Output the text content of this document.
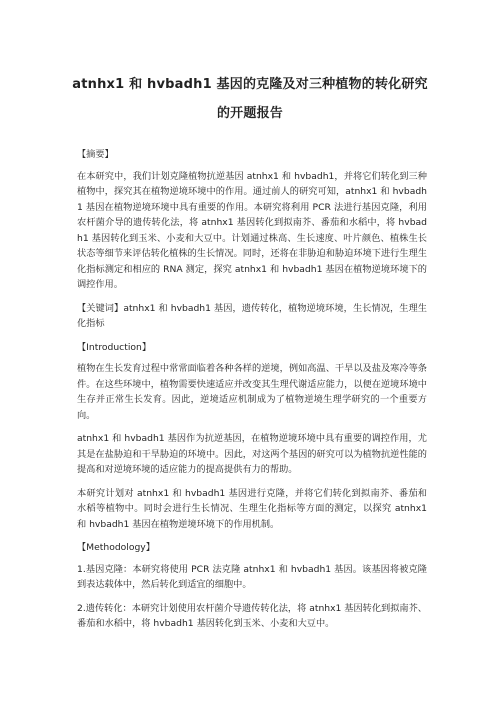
atnhx1 和 hvbadh1 基因的克隆及对三种植物的转化研究
的开题报告

【摘要】

在本研究中，我们计划克隆植物抗逆基因 atnhx1 和 hvbadh1，并将它们转化到三种植物中，探究其在植物逆境环境中的作用。通过前人的研究可知，atnhx1 和 hvbadh1 基因在植物逆境环境中具有重要的作用。本研究将利用 PCR 法进行基因克隆，利用农杆菌介导的遗传转化法，将 atnhx1 基因转化到拟南芥、番茄和水稻中，将 hvbadh1 基因转化到玉米、小麦和大豆中。计划通过株高、生长速度、叶片颜色、植株生长状态等细节来评估转化植株的生长情况。同时，还将在非胁迫和胁迫环境下进行生理生化指标测定和相应的 RNA 测定，探究 atnhx1 和 hvbadh1 基因在植物逆境环境下的调控作用。

【关键词】atnhx1 和 hvbadh1 基因，遗传转化，植物逆境环境，生长情况，生理生化指标

【Introduction】

植物在生长发育过程中常常面临着各种各样的逆境，例如高温、干旱以及盐及寒冷等条件。在这些环境中，植物需要快速适应并改变其生理代谢适应能力，以便在逆境环境中生存并正常生长发育。因此，逆境适应机制成为了植物逆境生理学研究的一个重要方向。

atnhx1 和 hvbadh1 基因作为抗逆基因，在植物逆境环境中具有重要的调控作用，尤其是在盐胁迫和干旱胁迫的环境中。因此，对这两个基因的研究可以为植物抗逆性能的提高和对逆境环境的适应能力的提高提供有力的帮助。

本研究计划对 atnhx1 和 hvbadh1 基因进行克隆，并将它们转化到拟南芥、番茄和水稻等植物中。同时会进行生长情况、生理生化指标等方面的测定，以探究 atnhx1 和 hvbadh1 基因在植物逆境环境下的作用机制。

【Methodology】

1.基因克隆：本研究将使用 PCR 法克隆 atnhx1 和 hvbadh1 基因。该基因将被克隆到表达载体中，然后转化到适宜的细胞中。

2.遗传转化：本研究计划使用农杆菌介导遗传转化法，将 atnhx1 基因转化到拟南芥、番茄和水稻中，将 hvbadh1 基因转化到玉米、小麦和大豆中。
